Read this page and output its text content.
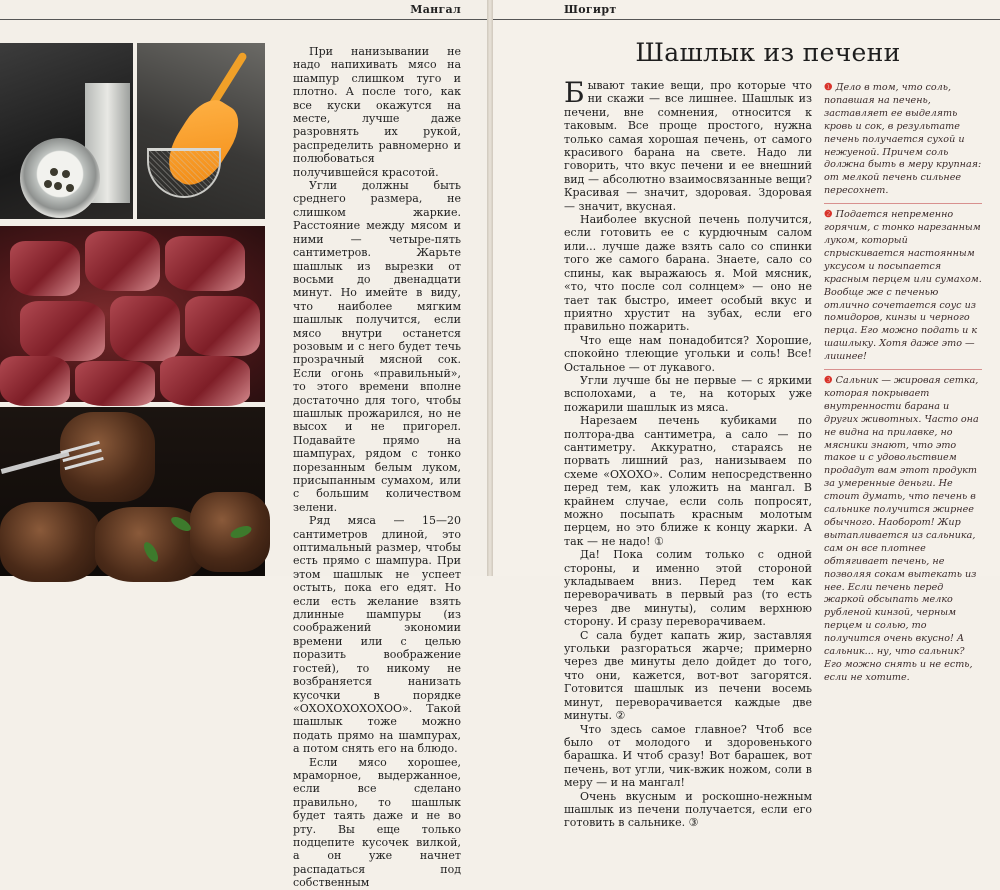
Мангал

При нанизывании не надо напихивать мясо на шампур слишком туго и плотно. А после того, как все куски окажутся на месте, лучше даже разровнять их рукой, распределить равномерно и полюбоваться получившейся красотой.

Угли должны быть среднего размера, не слишком жаркие. Расстояние между мясом и ними — четыре-пять сантиметров. Жарьте шашлык из вырезки от восьми до двенадцати минут. Но имейте в виду, что наиболее мягким шашлык получится, если мясо внутри останется розовым и с него будет течь прозрачный мясной сок. Если огонь «правильный», то этого времени вполне достаточно для того, чтобы шашлык прожарился, но не высох и не пригорел. Подавайте прямо на шампурах, рядом с тонко порезанным белым луком, присыпанным сумахом, или с большим количеством зелени.

Ряд мяса — 15—20 сантиметров длиной, это оптимальный размер, чтобы есть прямо с шампура. При этом шашлык не успеет остыть, пока его едят. Но если есть желание взять длинные шампуры (из соображений экономии времени или с целью поразить воображение гостей), то никому не возбраняется нанизать кусочки в порядке «ОХОХОХОХОХОО». Такой шашлык тоже можно подать прямо на шампурах, а потом снять его на блюдо.

Если мясо хорошее, мраморное, выдержанное, если все сделано правильно, то шашлык будет таять даже и не во рту. Вы еще только подцепите кусочек вилкой, а он уже начнет распадаться под собственным

Шогирт
Шашлык из печени

Бывают такие вещи, про которые что ни скажи — все лишнее. Шашлык из печени, вне сомнения, относится к таковым. Все проще простого, нужна только самая хорошая печень, от самого красивого барана на свете. Надо ли говорить, что вкус печени и ее внешний вид — абсолютно взаимосвязанные вещи? Красивая — значит, здоровая. Здоровая — значит, вкусная.

Наиболее вкусной печень получится, если готовить ее с курдючным салом или... лучше даже взять сало со спинки того же самого барана. Знаете, сало со спины, как выражаюсь я. Мой мясник, «то, что после сол солнцем» — оно не тает так быстро, имеет особый вкус и приятно хрустит на зубах, если его правильно пожарить.

Что еще нам понадобится? Хорошие, спокойно тлеющие угольки и соль! Все! Остальное — от лукавого.

Угли лучше бы не первые — с яркими всполохами, а те, на которых уже пожарили шашлык из мяса.

Нарезаем печень кубиками по полтора-два сантиметра, а сало — по сантиметру. Аккуратно, стараясь не порвать лишний раз, нанизываем по схеме «ОХОХО». Солим непосредственно перед тем, как уложить на мангал. В крайнем случае, если соль попросят, можно посыпать красным молотым перцем, но это ближе к концу жарки. А так — не надо! ①

Да! Пока солим только с одной стороны, и именно этой стороной укладываем вниз. Перед тем как переворачивать в первый раз (то есть через две минуты), солим верхнюю сторону. И сразу переворачиваем.

С сала будет капать жир, заставляя угольки разгораться жарче; примерно через две минуты дело дойдет до того, что они, кажется, вот-вот загорятся. Готовится шашлык из печени восемь минут, переворачивается каждые две минуты. ②

Что здесь самое главное? Чтоб все было от молодого и здоровенького барашка. И чтоб сразу! Вот барашек, вот печень, вот угли, чик-вжик ножом, соли в меру — и на мангал!

Очень вкусным и роскошно-нежным шашлык из печени получается, если его готовить в сальнике. ③

❶ Дело в том, что соль, попавшая на печень, заставляет ее выделять кровь и сок, в результате печень получается сухой и нежуеной. Причем соль должна быть в меру крупная: от мелкой печень сильнее пересохнет.

❷ Подается непременно горячим, с тонко нарезанным луком, который спрыскивается настоянным уксусом и посыпается красным перцем или сумахом. Вообще же с печенью отлично сочетается соус из помидоров, кинзы и черного перца. Его можно подать и к шашлыку. Хотя даже это — лишнее!

❸ Сальник — жировая сетка, которая покрывает внутренности барана и других животных. Часто она не видна на прилавке, но мясники знают, что это такое и с удовольствием продадут вам этот продукт за умеренные деньги. Не стоит думать, что печень в сальнике получится жирнее обычного. Наоборот! Жир вытапливается из сальника, сам он все плотнее обтягивает печень, не позволяя сокам вытекать из нее. Если печень перед жаркой обсыпать мелко рубленой кинзой, черным перцем и солью, то получится очень вкусно! А сальник... ну, что сальник? Его можно снять и не есть, если не хотите.
